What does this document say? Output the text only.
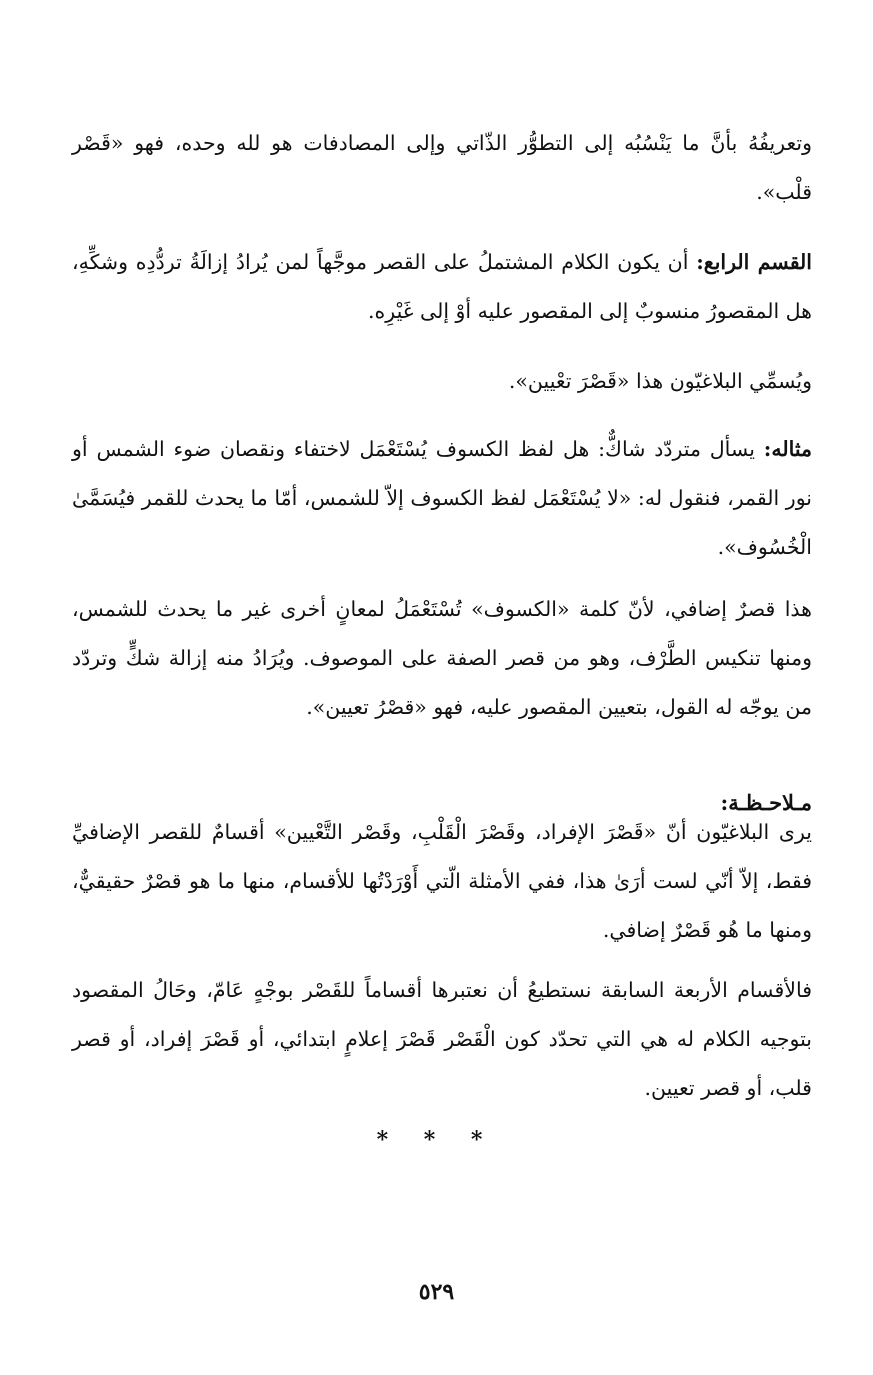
وتعريفُهُ بأنَّ ما يَنْسُبُه إلى التطوُّر الذّاتي وإلى المصادفات هو لله وحده، فهو «قَصْر قلْب».

القسم الرابع: أن يكون الكلام المشتملُ على القصر موجَّهاً لمن يُرادُ إزالَةُ تردُّدِه وشكِّهِ، هل المقصورُ منسوبٌ إلى المقصور عليه أوْ إلى غَيْرِه.

ويُسمِّي البلاغيّون هذا «قَصْرَ تعْيين».

مثاله: يسأل متردّد شاكٌّ: هل لفظ الكسوف يُسْتَعْمَل لاختفاء ونقصان ضوء الشمس أو نور القمر، فنقول له: «لا يُسْتَعْمَل لفظ الكسوف إلاّ للشمس، أمّا ما يحدث للقمر فيُسَمَّىٰ الْخُسُوف».

هذا قصرٌ إضافي، لأنّ كلمة «الكسوف» تُسْتَعْمَلُ لمعانٍ أخرى غير ما يحدث للشمس، ومنها تنكيس الطَّرْف، وهو من قصر الصفة على الموصوف. ويُرَادُ منه إزالة شكٍّ وتردّد من يوجّه له القول، بتعيين المقصور عليه، فهو «قصْرُ تعيين».

مـلاحـظـة:

يرى البلاغيّون أنّ «قَصْرَ الإفراد، وقَصْرَ الْقَلْبِ، وقَصْر التَّعْيين» أقسامٌ للقصر الإضافيِّ فقط، إلاّ أنّي لست أرَىٰ هذا، ففي الأمثلة الّتي أَوْرَدْتُها للأقسام، منها ما هو قصْرٌ حقيقيٌّ، ومنها ما هُو قَصْرٌ إضافي.

فالأقسام الأربعة السابقة نستطيعُ أن نعتبرها أقساماً للقَصْر بوجْهٍ عَامّ، وحَالُ المقصود بتوجيه الكلام له هي التي تحدّد كون الْقَصْر قَصْرَ إعلامٍ ابتدائي، أو قَصْرَ إفراد، أو قصر قلب، أو قصر تعيين.

* * *
٥٢٩
